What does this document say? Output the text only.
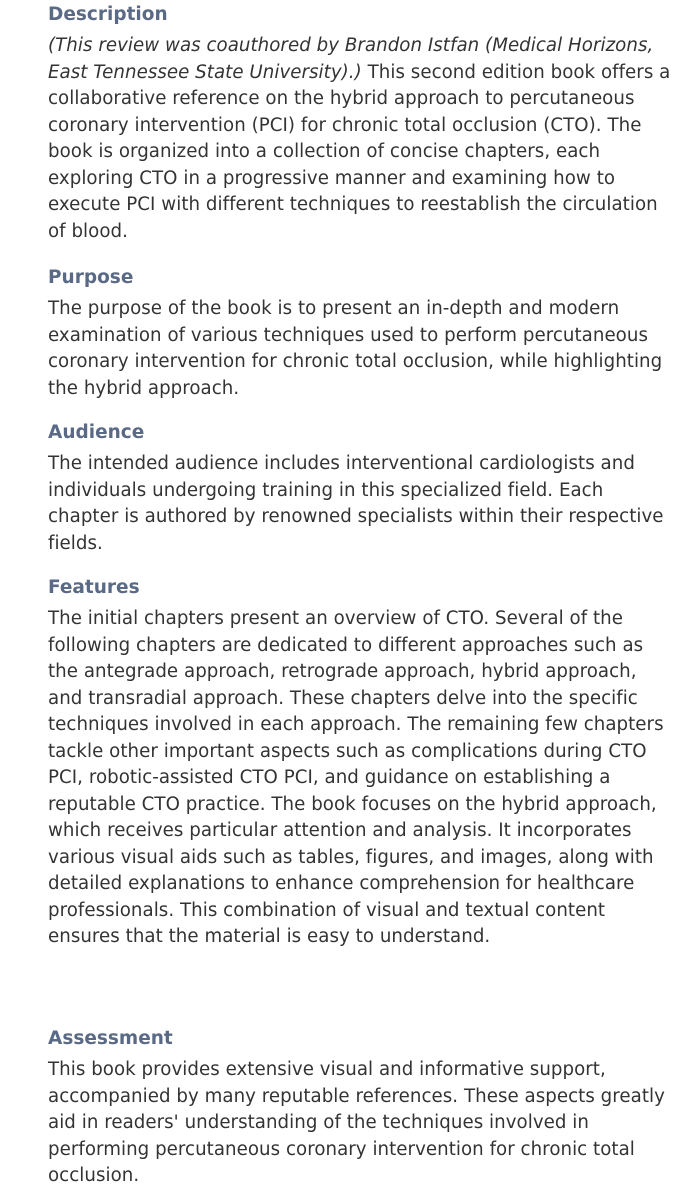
Description

(This review was coauthored by Brandon Istfan (Medical Horizons, East Tennessee State University).) This second edition book offers a collaborative reference on the hybrid approach to percutaneous coronary intervention (PCI) for chronic total occlusion (CTO). The book is organized into a collection of concise chapters, each exploring CTO in a progressive manner and examining how to execute PCI with different techniques to reestablish the circulation of blood.

Purpose

The purpose of the book is to present an in-depth and modern examination of various techniques used to perform percutaneous coronary intervention for chronic total occlusion, while highlighting the hybrid approach.

Audience

The intended audience includes interventional cardiologists and individuals undergoing training in this specialized field. Each chapter is authored by renowned specialists within their respective fields.

Features

The initial chapters present an overview of CTO. Several of the following chapters are dedicated to different approaches such as the antegrade approach, retrograde approach, hybrid approach, and transradial approach. These chapters delve into the specific techniques involved in each approach. The remaining few chapters tackle other important aspects such as complications during CTO PCI, robotic-assisted CTO PCI, and guidance on establishing a reputable CTO practice. The book focuses on the hybrid approach, which receives particular attention and analysis. It incorporates various visual aids such as tables, figures, and images, along with detailed explanations to enhance comprehension for healthcare professionals. This combination of visual and textual content ensures that the material is easy to understand.

Assessment

This book provides extensive visual and informative support, accompanied by many reputable references. These aspects greatly aid in readers' understanding of the techniques involved in performing percutaneous coronary intervention for chronic total occlusion.
